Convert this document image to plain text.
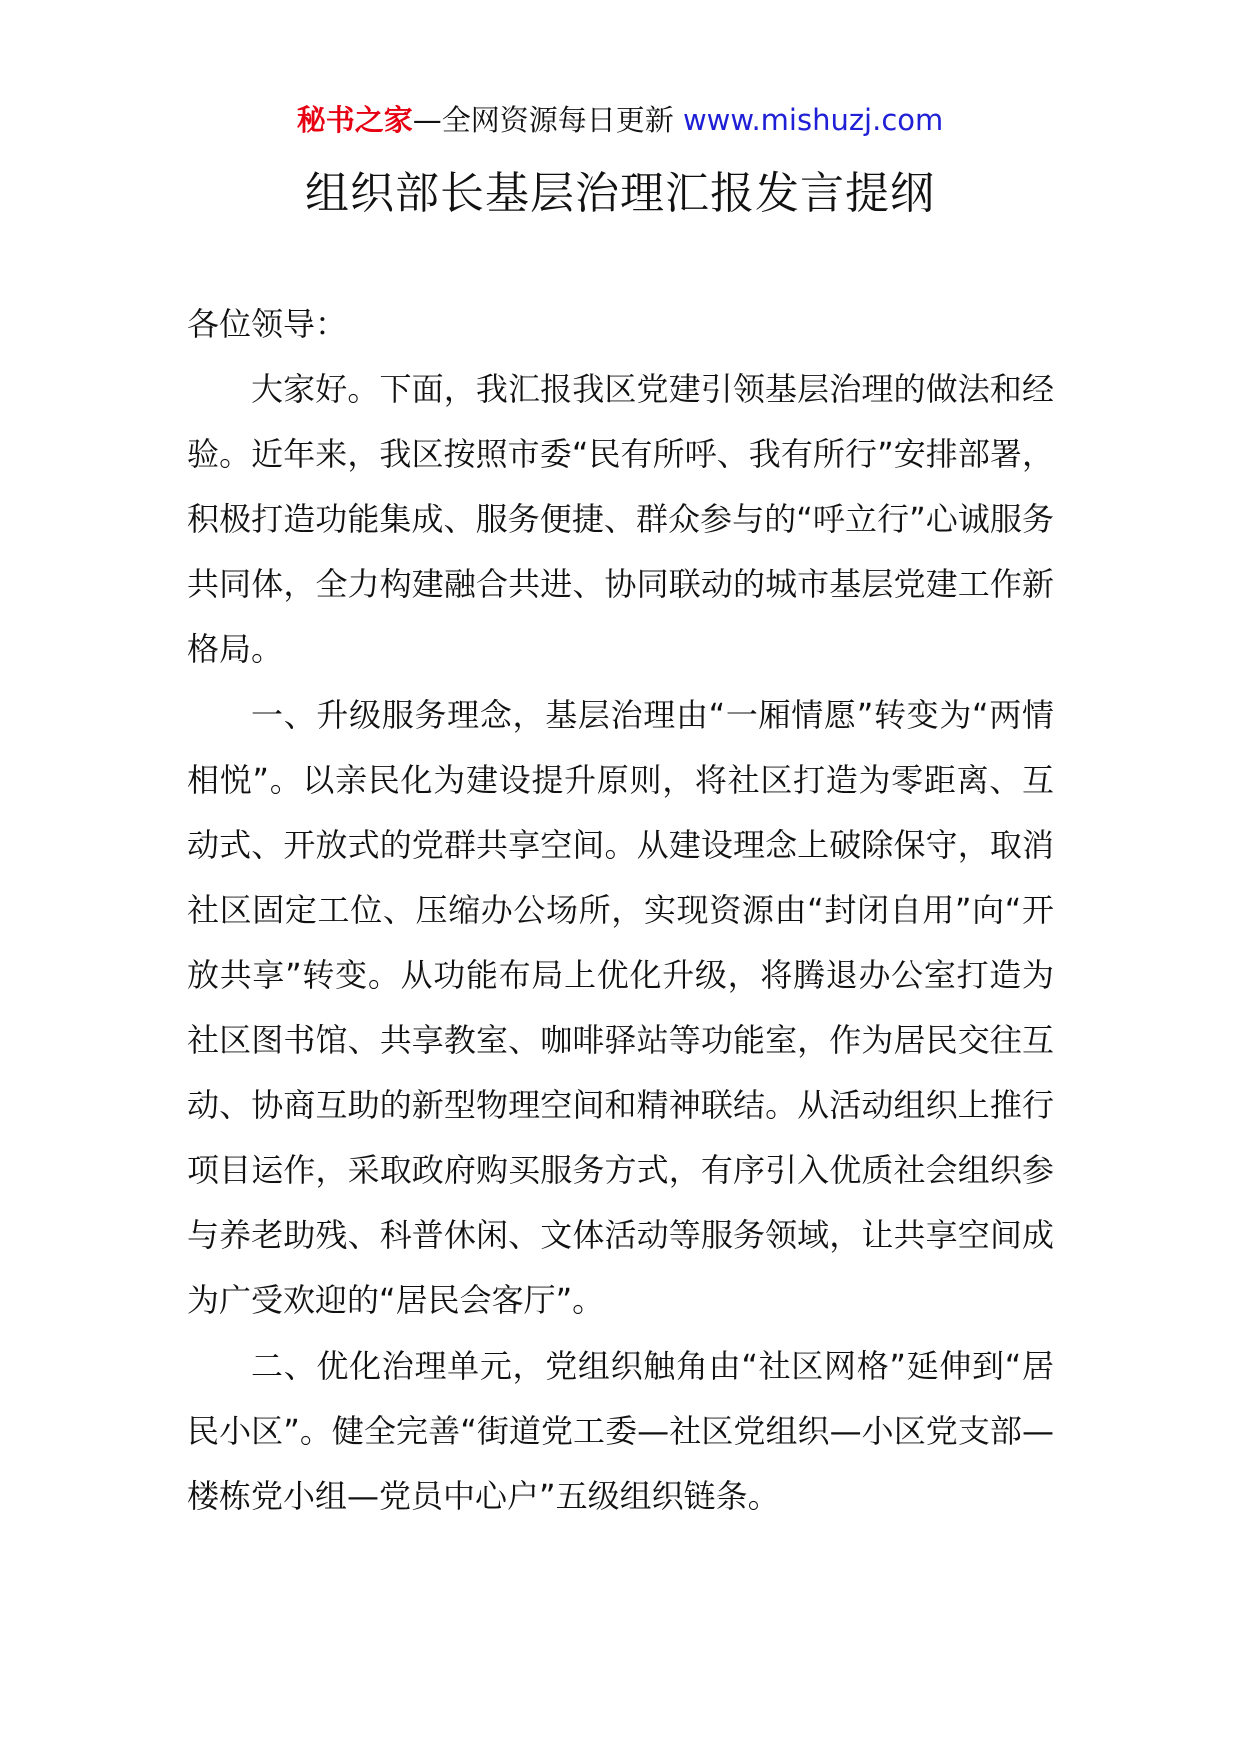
秘书之家—全网资源每日更新 www.mishuzj.com
组织部长基层治理汇报发言提纲

各位领导：

大家好。下面，我汇报我区党建引领基层治理的做法和经验。近年来，我区按照市委“民有所呼、我有所行”安排部署，积极打造功能集成、服务便捷、群众参与的“呼立行”心诚服务共同体，全力构建融合共进、协同联动的城市基层党建工作新格局。

一、升级服务理念，基层治理由“一厢情愿”转变为“两情相悦”。以亲民化为建设提升原则，将社区打造为零距离、互动式、开放式的党群共享空间。从建设理念上破除保守，取消社区固定工位、压缩办公场所，实现资源由“封闭自用”向“开放共享”转变。从功能布局上优化升级，将腾退办公室打造为社区图书馆、共享教室、咖啡驿站等功能室，作为居民交往互动、协商互助的新型物理空间和精神联结。从活动组织上推行项目运作，采取政府购买服务方式，有序引入优质社会组织参与养老助残、科普休闲、文体活动等服务领域，让共享空间成为广受欢迎的“居民会客厅”。

二、优化治理单元，党组织触角由“社区网格”延伸到“居民小区”。健全完善“街道党工委—社区党组织—小区党支部—楼栋党小组—党员中心户”五级组织链条。
